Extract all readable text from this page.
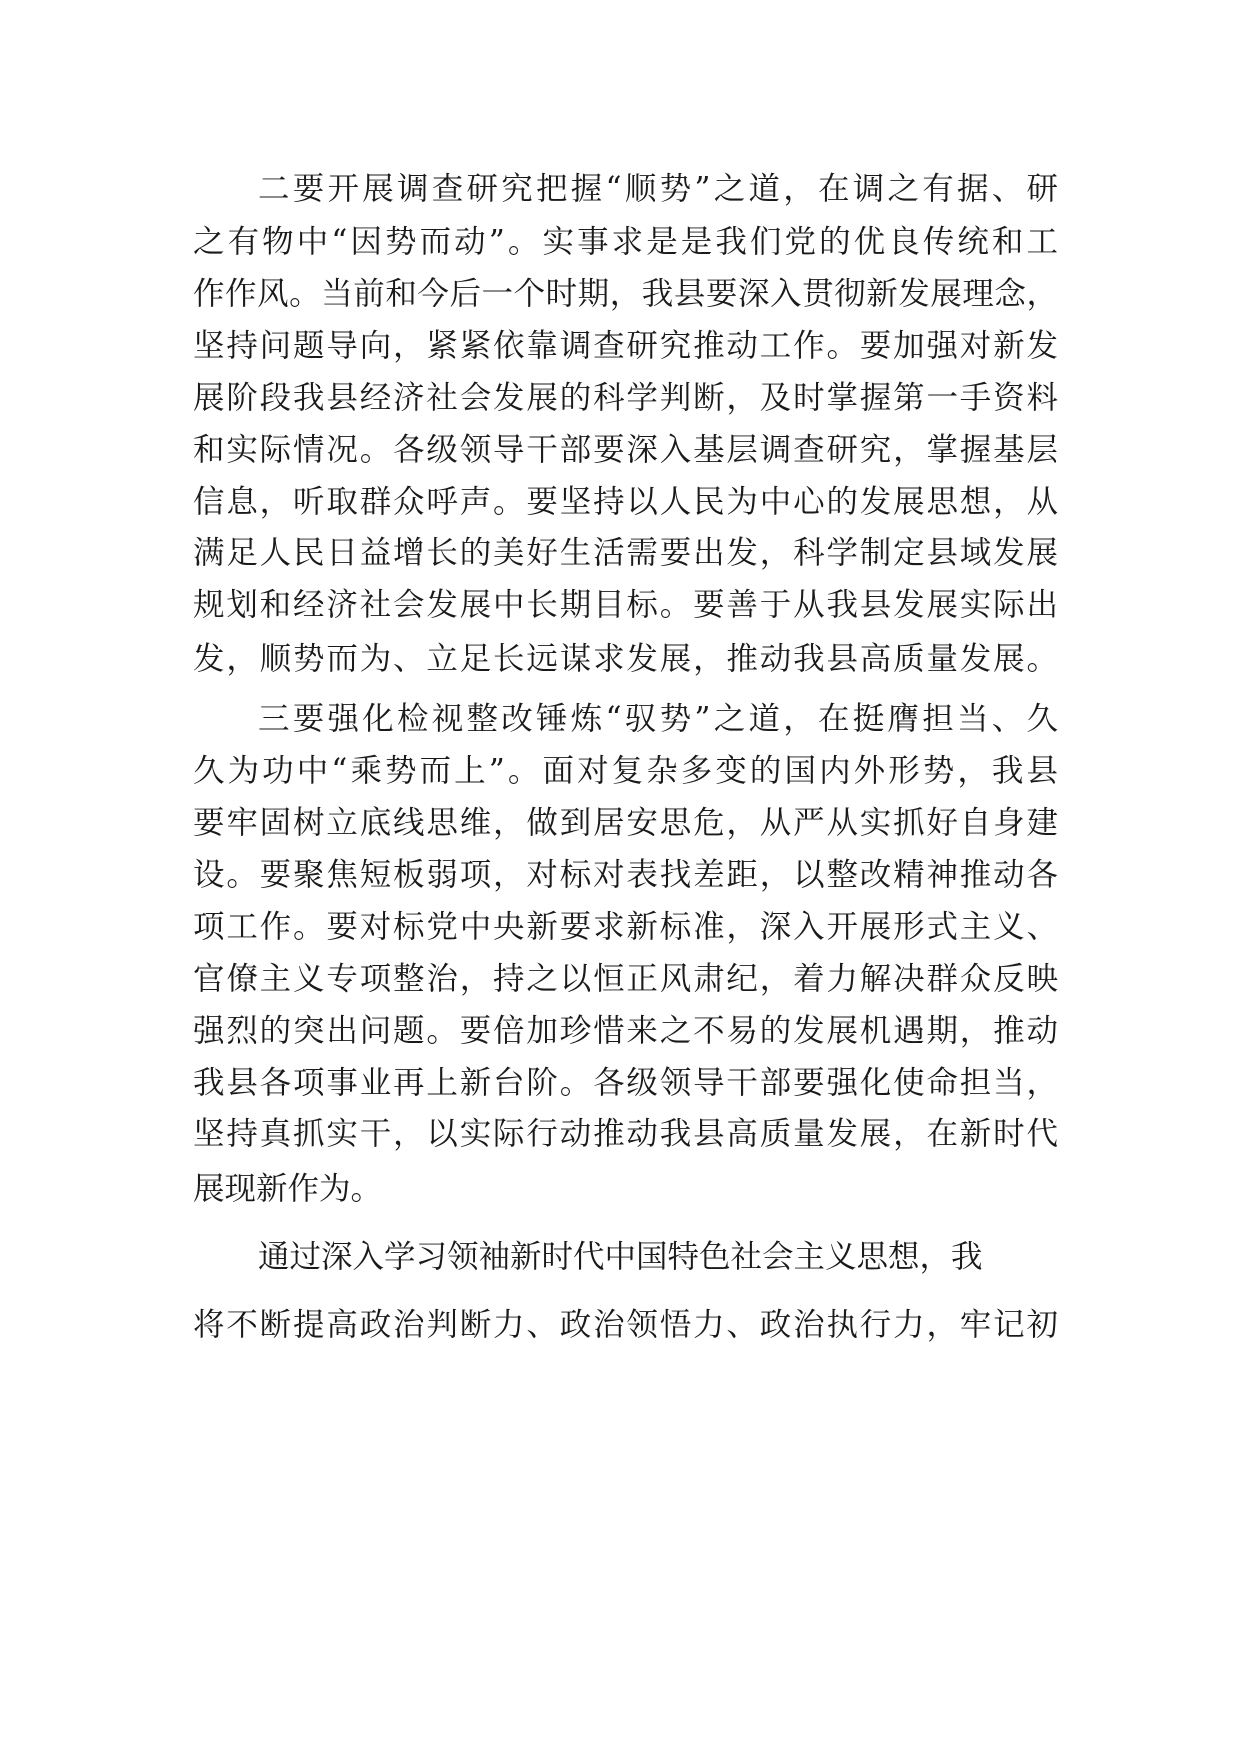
二要开展调查研究把握“顺势”之道，在调之有据、研

之有物中“因势而动”。实事求是是我们党的优良传统和工

作作风。当前和今后一个时期，我县要深入贯彻新发展理念，

坚持问题导向，紧紧依靠调查研究推动工作。要加强对新发

展阶段我县经济社会发展的科学判断，及时掌握第一手资料

和实际情况。各级领导干部要深入基层调查研究，掌握基层

信息，听取群众呼声。要坚持以人民为中心的发展思想，从

满足人民日益增长的美好生活需要出发，科学制定县域发展

规划和经济社会发展中长期目标。要善于从我县发展实际出

发，顺势而为、立足长远谋求发展，推动我县高质量发展。

三要强化检视整改锤炼“驭势”之道，在挺膺担当、久

久为功中“乘势而上”。面对复杂多变的国内外形势，我县

要牢固树立底线思维，做到居安思危，从严从实抓好自身建

设。要聚焦短板弱项，对标对表找差距，以整改精神推动各

项工作。要对标党中央新要求新标准，深入开展形式主义、

官僚主义专项整治，持之以恒正风肃纪，着力解决群众反映

强烈的突出问题。要倍加珍惜来之不易的发展机遇期，推动

我县各项事业再上新台阶。各级领导干部要强化使命担当，

坚持真抓实干，以实际行动推动我县高质量发展，在新时代

展现新作为。

通过深入学习领袖新时代中国特色社会主义思想，我

将不断提高政治判断力、政治领悟力、政治执行力，牢记初
